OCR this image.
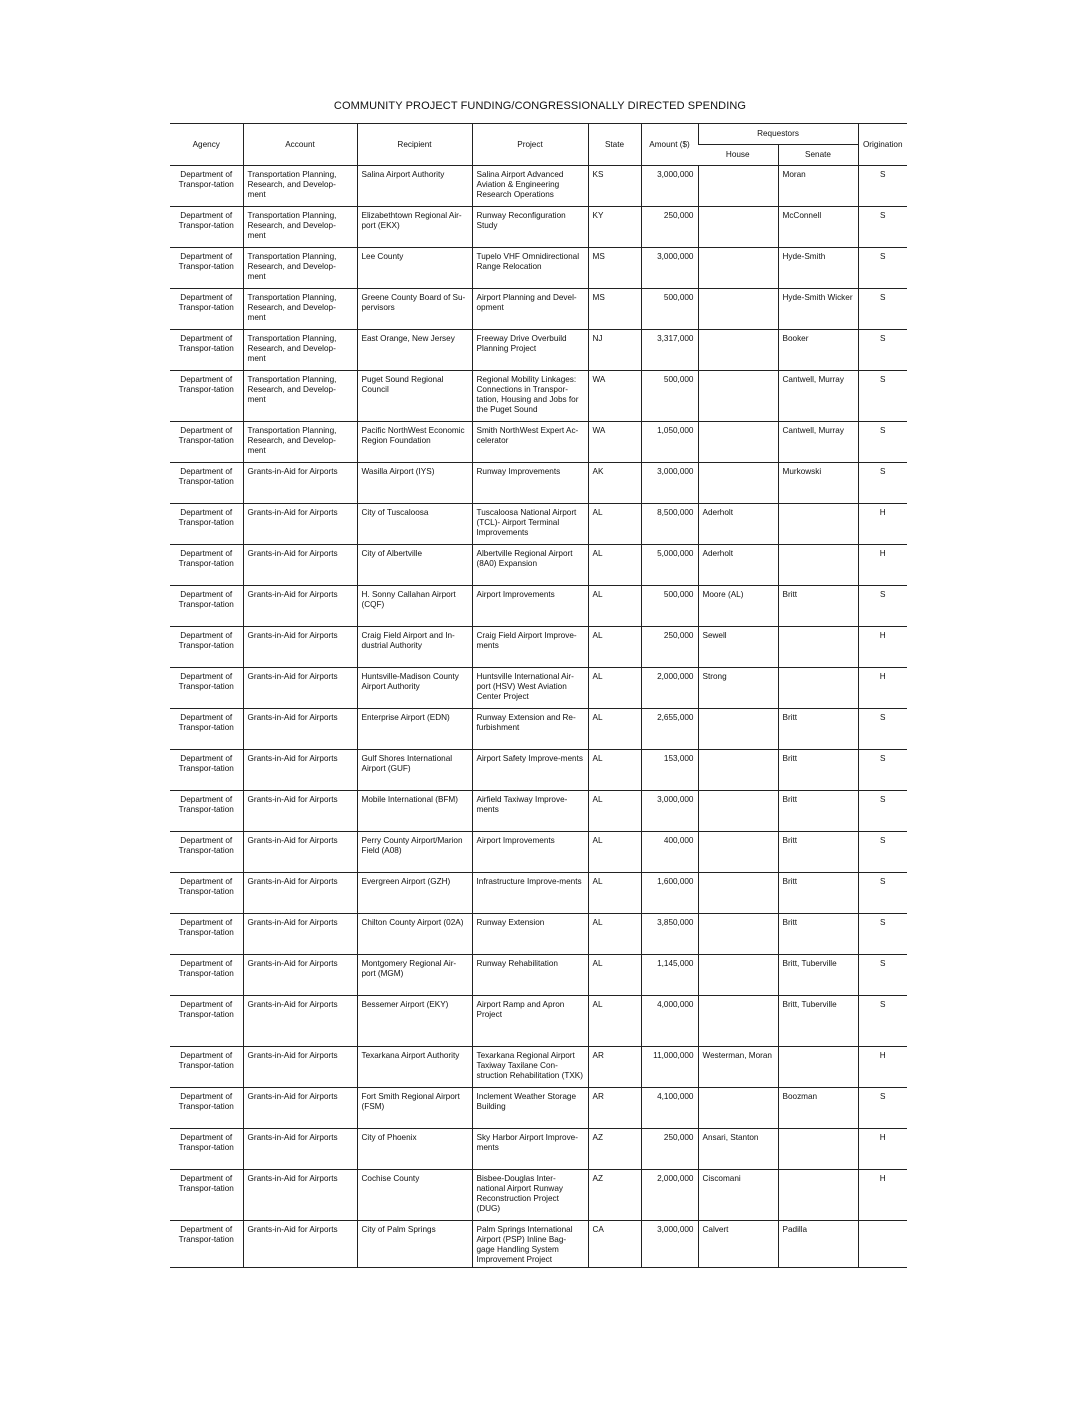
COMMUNITY PROJECT FUNDING/CONGRESSIONALLY DIRECTED SPENDING
Agency	Account	Recipient	Project	State	Amount ($)	Requestors		Origination
						House	Senate	
Department of Transpor-tation	Transportation Planning, Research, and Develop-ment	Salina Airport Authority	Salina Airport Advanced Aviation & Engineering Research Operations	KS	3,000,000		Moran	S
Department of Transpor-tation	Transportation Planning, Research, and Develop-ment	Elizabethtown Regional Air-port (EKX)	Runway Reconfiguration Study	KY	250,000		McConnell	S
Department of Transpor-tation	Transportation Planning, Research, and Develop-ment	Lee County	Tupelo VHF Omnidirectional Range Relocation	MS	3,000,000		Hyde-Smith	S
Department of Transpor-tation	Transportation Planning, Research, and Develop-ment	Greene County Board of Su-pervisors	Airport Planning and Devel-opment	MS	500,000		Hyde-Smith Wicker	S
Department of Transpor-tation	Transportation Planning, Research, and Develop-ment	East Orange, New Jersey	Freeway Drive Overbuild Planning Project	NJ	3,317,000		Booker	S
Department of Transpor-tation	Transportation Planning, Research, and Develop-ment	Puget Sound Regional Council	Regional Mobility Linkages: Connections in Transpor-tation, Housing and Jobs for the Puget Sound	WA	500,000		Cantwell, Murray	S
Department of Transpor-tation	Transportation Planning, Research, and Develop-ment	Pacific NorthWest Economic Region Foundation	Smith NorthWest Expert Ac-celerator	WA	1,050,000		Cantwell, Murray	S
Department of Transpor-tation	Grants-in-Aid for Airports	Wasilla Airport (IYS)	Runway Improvements	AK	3,000,000		Murkowski	S
Department of Transpor-tation	Grants-in-Aid for Airports	City of Tuscaloosa	Tuscaloosa National Airport (TCL)- Airport Terminal Improvements	AL	8,500,000	Aderholt		H
Department of Transpor-tation	Grants-in-Aid for Airports	City of Albertville	Albertville Regional Airport (8A0) Expansion	AL	5,000,000	Aderholt		H
Department of Transpor-tation	Grants-in-Aid for Airports	H. Sonny Callahan Airport (CQF)	Airport Improvements	AL	500,000	Moore (AL)	Britt	S
Department of Transpor-tation	Grants-in-Aid for Airports	Craig Field Airport and In-dustrial Authority	Craig Field Airport Improve-ments	AL	250,000	Sewell		H
Department of Transpor-tation	Grants-in-Aid for Airports	Huntsville-Madison County Airport Authority	Huntsville International Air-port (HSV) West Aviation Center Project	AL	2,000,000	Strong		H
Department of Transpor-tation	Grants-in-Aid for Airports	Enterprise Airport (EDN)	Runway Extension and Re-furbishment	AL	2,655,000		Britt	S
Department of Transpor-tation	Grants-in-Aid for Airports	Gulf Shores International Airport (GUF)	Airport Safety Improve-ments	AL	153,000		Britt	S
Department of Transpor-tation	Grants-in-Aid for Airports	Mobile International (BFM)	Airfield Taxiway Improve-ments	AL	3,000,000		Britt	S
Department of Transpor-tation	Grants-in-Aid for Airports	Perry County Airport/Marion Field (A08)	Airport Improvements	AL	400,000		Britt	S
Department of Transpor-tation	Grants-in-Aid for Airports	Evergreen Airport (GZH)	Infrastructure Improve-ments	AL	1,600,000		Britt	S
Department of Transpor-tation	Grants-in-Aid for Airports	Chilton County Airport (02A)	Runway Extension	AL	3,850,000		Britt	S
Department of Transpor-tation	Grants-in-Aid for Airports	Montgomery Regional Air-port (MGM)	Runway Rehabilitation	AL	1,145,000		Britt, Tuberville	S
Department of Transpor-tation	Grants-in-Aid for Airports	Bessemer Airport (EKY)	Airport Ramp and Apron Project	AL	4,000,000		Britt, Tuberville	S
Department of Transpor-tation	Grants-in-Aid for Airports	Texarkana Airport Authority	Texarkana Regional Airport Taxiway Taxilane Con-struction Rehabilitation (TXK)	AR	11,000,000	Westerman, Moran		H
Department of Transpor-tation	Grants-in-Aid for Airports	Fort Smith Regional Airport (FSM)	Inclement Weather Storage Building	AR	4,100,000		Boozman	S
Department of Transpor-tation	Grants-in-Aid for Airports	City of Phoenix	Sky Harbor Airport Improve-ments	AZ	250,000	Ansari, Stanton		H
Department of Transpor-tation	Grants-in-Aid for Airports	Cochise County	Bisbee-Douglas Inter-national Airport Runway Reconstruction Project (DUG)	AZ	2,000,000	Ciscomani		H
Department of Transpor-tation	Grants-in-Aid for Airports	City of Palm Springs	Palm Springs International Airport (PSP) Inline Bag-gage Handling System Improvement Project	CA	3,000,000	Calvert	Padilla	
